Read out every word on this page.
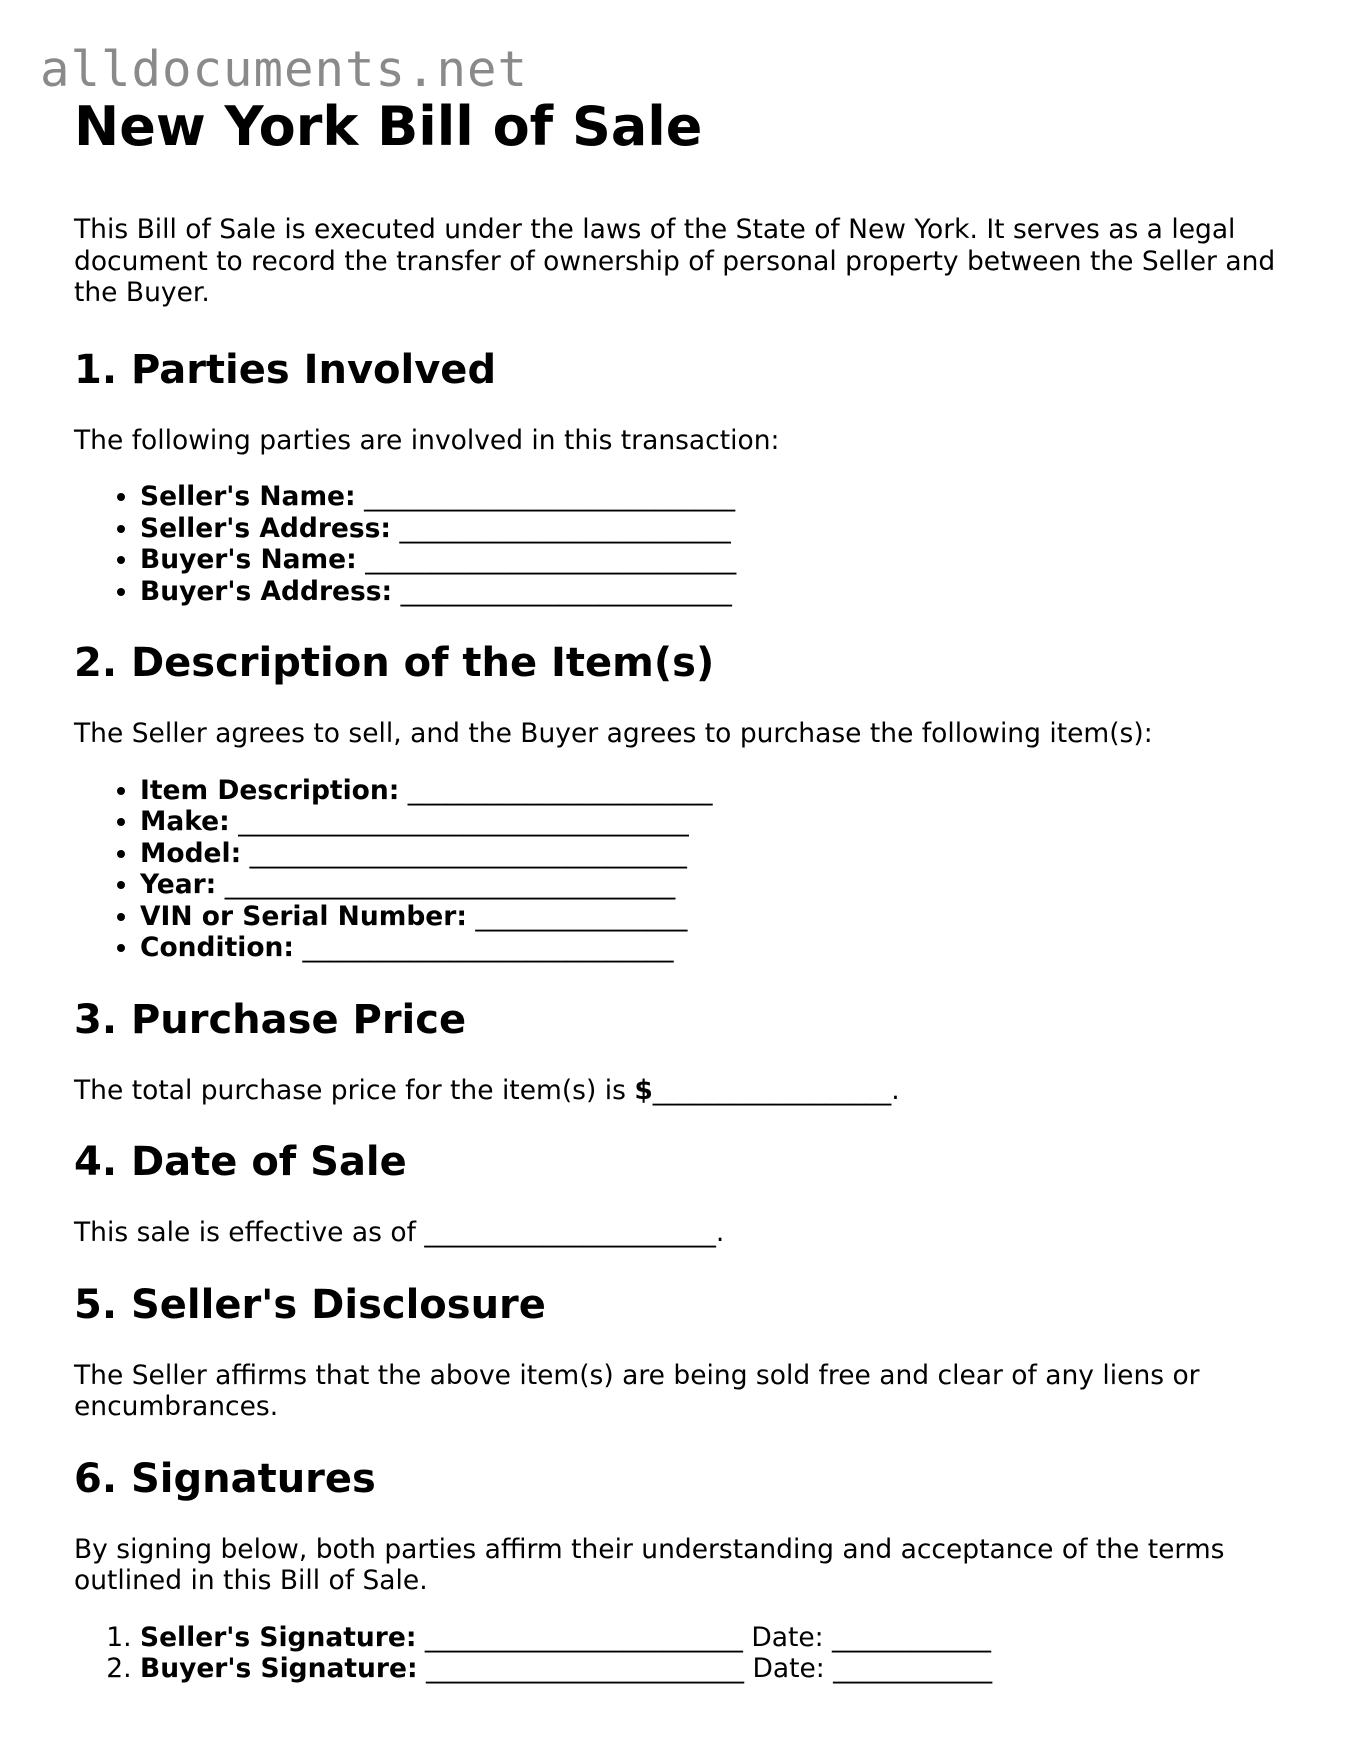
alldocuments.net
New York Bill of Sale

This Bill of Sale is executed under the laws of the State of New York. It serves as a legal document to record the transfer of ownership of personal property between the Seller and the Buyer.

1. Parties Involved

The following parties are involved in this transaction:

• Seller's Name: ____________________________
• Seller's Address: _________________________
• Buyer's Name: ____________________________
• Buyer's Address: _________________________
2. Description of the Item(s)

The Seller agrees to sell, and the Buyer agrees to purchase the following item(s):

• Item Description: _______________________
• Make: __________________________________
• Model: _________________________________
• Year: __________________________________
• VIN or Serial Number: ________________
• Condition: ____________________________
3. Purchase Price

The total purchase price for the item(s) is $__________________.

4. Date of Sale

This sale is effective as of ______________________.

5. Seller's Disclosure

The Seller affirms that the above item(s) are being sold free and clear of any liens or encumbrances.

6. Signatures

By signing below, both parties affirm their understanding and acceptance of the terms outlined in this Bill of Sale.

1. Seller's Signature: ________________________ Date: ____________
2. Buyer's Signature: ________________________ Date: ____________
